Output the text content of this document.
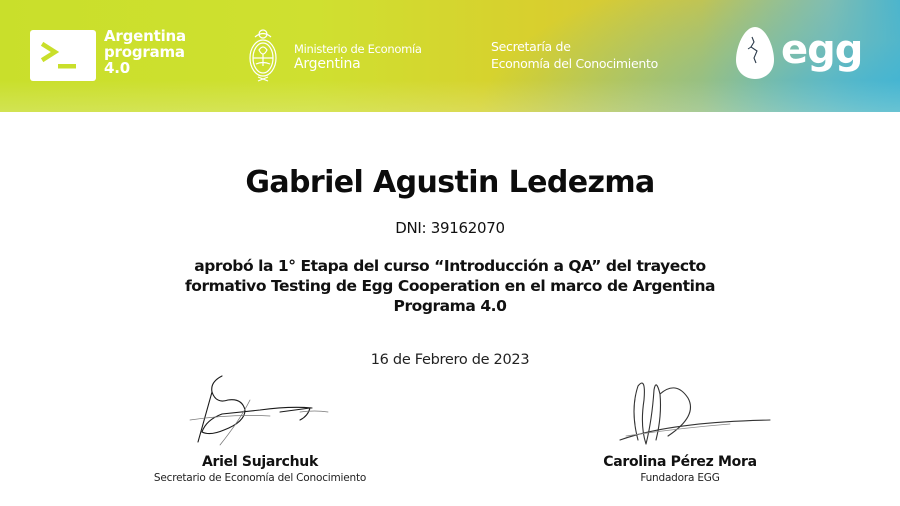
Argentina
programa
4.0
Ministerio de Economía
Argentina
Secretaría de
Economía del Conocimiento	egg
Gabriel Agustin Ledezma
DNI: 39162070
aprobó la 1° Etapa del curso “Introducción a QA” del trayecto
formativo Testing de Egg Cooperation en el marco de Argentina
Programa 4.0
16 de Febrero de 2023
Ariel Sujarchuk
Secretario de Economía del Conocimiento
Carolina Pérez Mora
Fundadora EGG
